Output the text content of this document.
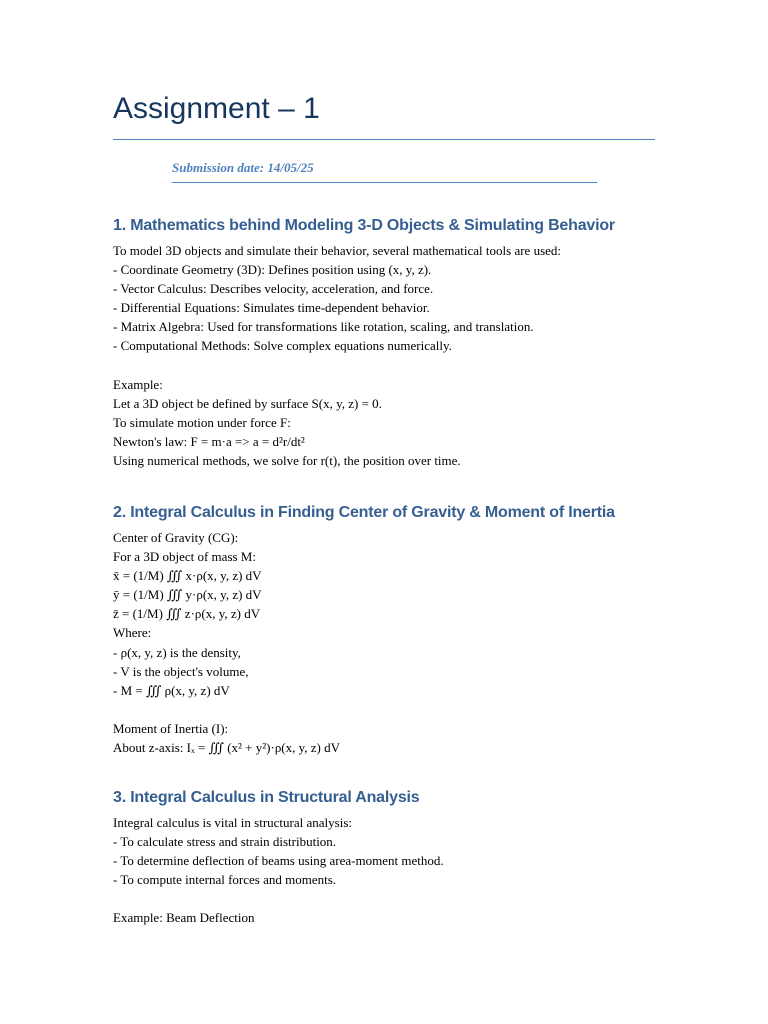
Assignment – 1
Submission date: 14/05/25
1. Mathematics behind Modeling 3-D Objects & Simulating Behavior
To model 3D objects and simulate their behavior, several mathematical tools are used:
- Coordinate Geometry (3D): Defines position using (x, y, z).
- Vector Calculus: Describes velocity, acceleration, and force.
- Differential Equations: Simulates time-dependent behavior.
- Matrix Algebra: Used for transformations like rotation, scaling, and translation.
- Computational Methods: Solve complex equations numerically.
Example:
Let a 3D object be defined by surface S(x, y, z) = 0.
To simulate motion under force F:
Newton's law: F = m·a => a = d²r/dt²
Using numerical methods, we solve for r(t), the position over time.
2. Integral Calculus in Finding Center of Gravity & Moment of Inertia
Center of Gravity (CG):
For a 3D object of mass M:
x̄ = (1/M) ∭ x·ρ(x, y, z) dV
ȳ = (1/M) ∭ y·ρ(x, y, z) dV
z̄ = (1/M) ∭ z·ρ(x, y, z) dV
Where:
- ρ(x, y, z) is the density,
- V is the object's volume,
- M = ∭ ρ(x, y, z) dV
Moment of Inertia (I):
About z-axis: Iₓ = ∭ (x² + y²)·ρ(x, y, z) dV
3. Integral Calculus in Structural Analysis
Integral calculus is vital in structural analysis:
- To calculate stress and strain distribution.
- To determine deflection of beams using area-moment method.
- To compute internal forces and moments.
Example: Beam Deflection
